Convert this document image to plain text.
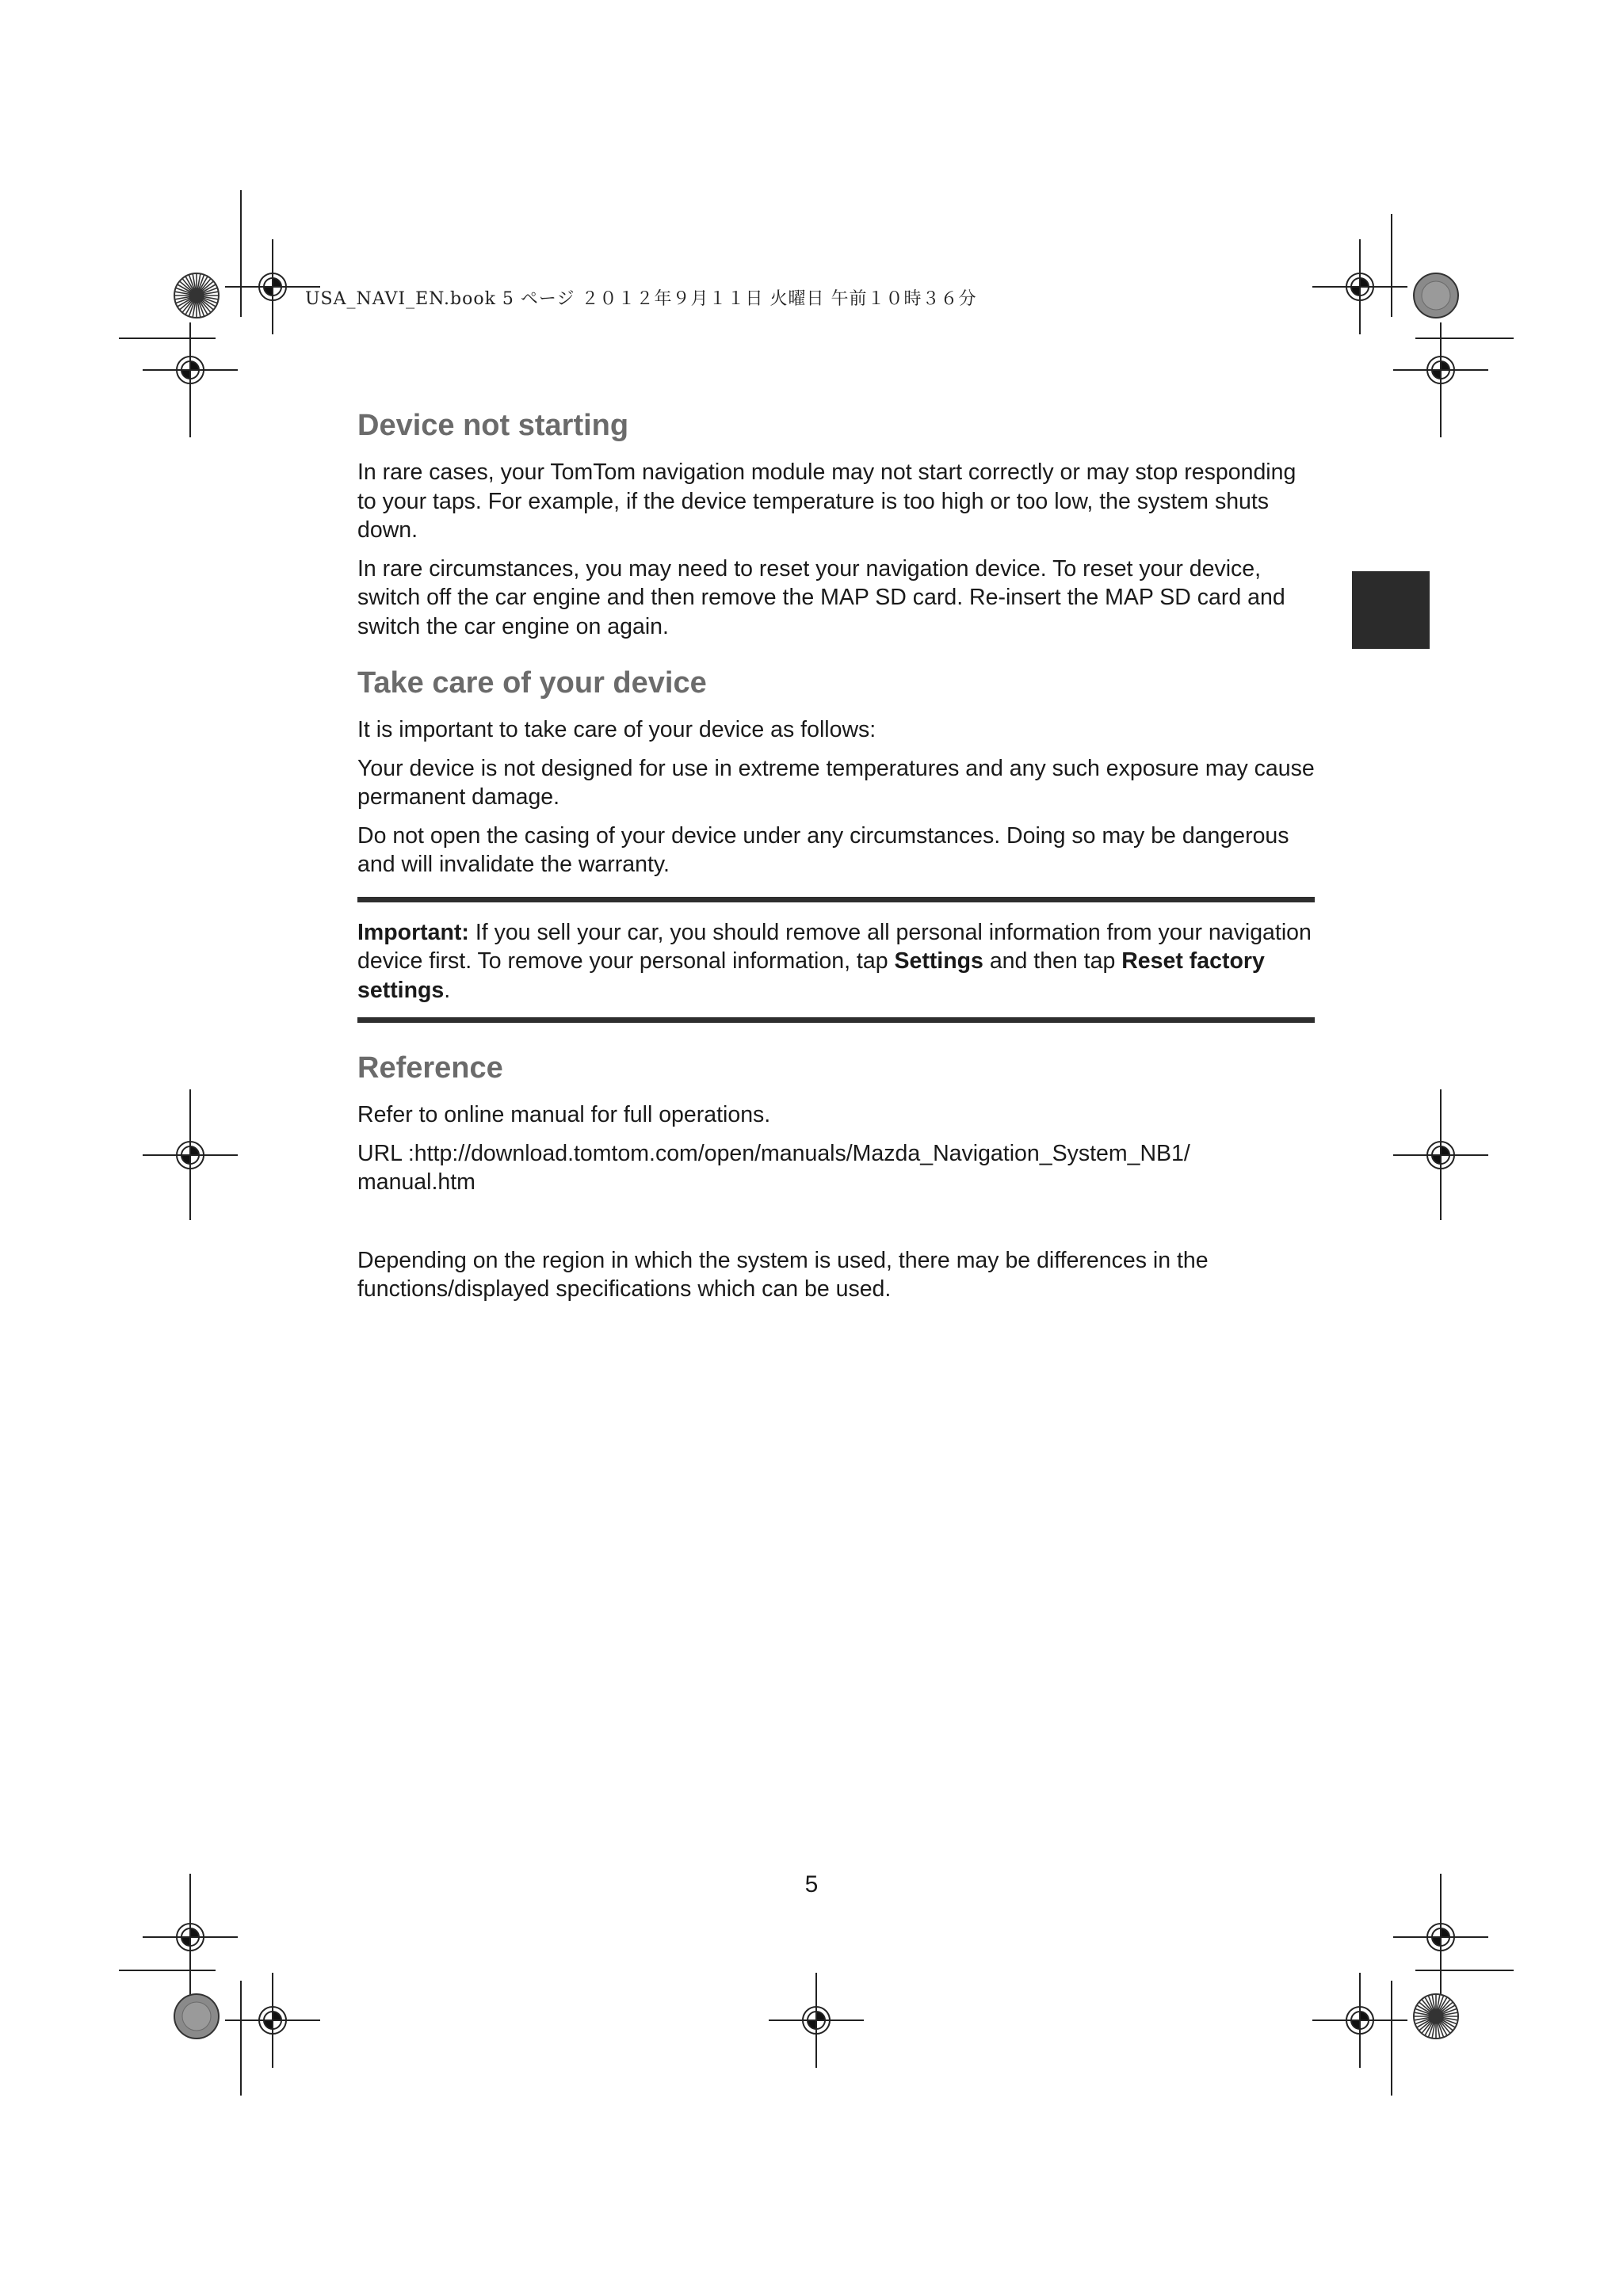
USA_NAVI_EN.book 5 ページ ２０１２年９月１１日 火曜日 午前１０時３６分
Device not starting

In rare cases, your TomTom navigation module may not start correctly or may stop responding to your taps. For example, if the device temperature is too high or too low, the system shuts down.

In rare circumstances, you may need to reset your navigation device. To reset your device, switch off the car engine and then remove the MAP SD card. Re-insert the MAP SD card and switch the car engine on again.

Take care of your device

It is important to take care of your device as follows:

Your device is not designed for use in extreme temperatures and any such exposure may cause permanent damage.

Do not open the casing of your device under any circumstances. Doing so may be dangerous and will invalidate the warranty.

Important: If you sell your car, you should remove all personal information from your navigation device first. To remove your personal information, tap Settings and then tap Reset factory settings.

Reference

Refer to online manual for full operations.

URL :http://download.tomtom.com/open/manuals/Mazda_Navigation_System_NB1/
manual.htm

Depending on the region in which the system is used, there may be differences in the functions/displayed specifications which can be used.

5
